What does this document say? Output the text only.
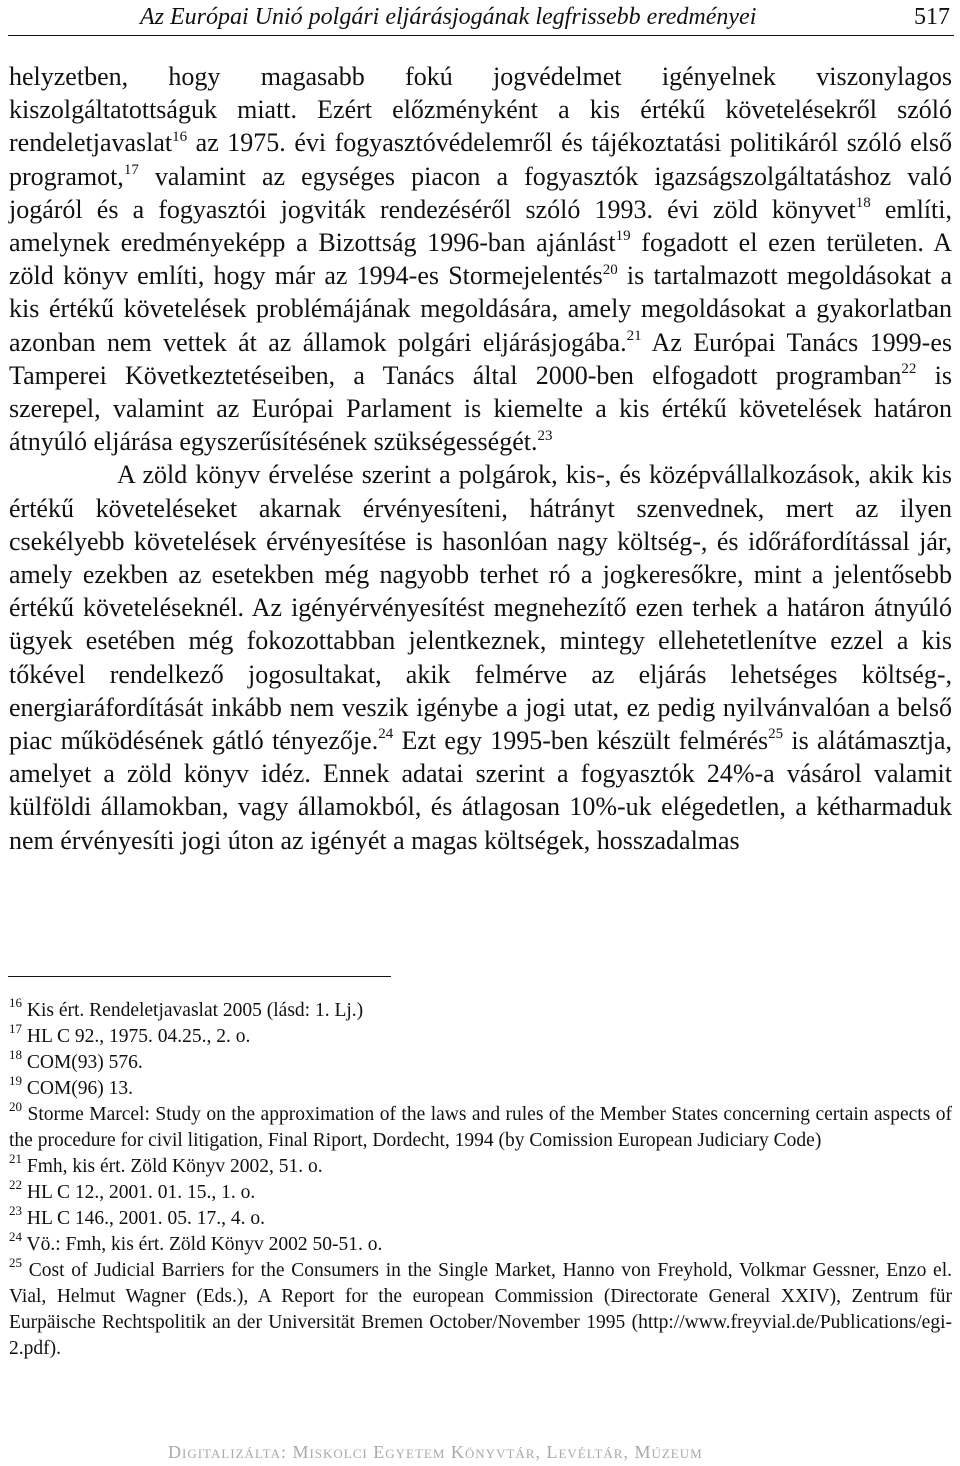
Az Európai Unió polgári eljárásjogának legfrissebb eredményei	517

helyzetben, hogy magasabb fokú jogvédelmet igényelnek viszonylagos kiszolgáltatottságuk miatt. Ezért előzményként a kis értékű követelésekről szóló rendeletjavaslat$^{16}$ az 1975. évi fogyasztóvédelemről és tájékoztatási politikáról szóló első programot,$^{17}$ valamint az egységes piacon a fogyasztók igazságszolgáltatáshoz való jogáról és a fogyasztói jogviták rendezéséről szóló 1993. évi zöld könyvet$^{18}$ említi, amelynek eredményeképp a Bizottság 1996-ban ajánlást$^{19}$ fogadott el ezen területen. A zöld könyv említi, hogy már az 1994-es Stormejelentés$^{20}$ is tartalmazott megoldásokat a kis értékű követelések problémájának megoldására, amely megoldásokat a gyakorlatban azonban nem vettek át az államok polgári eljárásjogába.$^{21}$ Az Európai Tanács 1999-es Tamperei Következtetéseiben, a Tanács által 2000-ben elfogadott programban$^{22}$ is szerepel, valamint az Európai Parlament is kiemelte a kis értékű követelések határon átnyúló eljárása egyszerűsítésének szükségességét.$^{23}$

A zöld könyv érvelése szerint a polgárok, kis-, és középvállalkozások, akik kis értékű követeléseket akarnak érvényesíteni, hátrányt szenvednek, mert az ilyen csekélyebb követelések érvényesítése is hasonlóan nagy költség-, és időráfordítással jár, amely ezekben az esetekben még nagyobb terhet ró a jogkeresőkre, mint a jelentősebb értékű követeléseknél. Az igényérvényesítést megnehezítő ezen terhek a határon átnyúló ügyek esetében még fokozottabban jelentkeznek, mintegy ellehetetlenítve ezzel a kis tőkével rendelkező jogosultakat, akik felmérve az eljárás lehetséges költség-, energiaráfordítását inkább nem veszik igénybe a jogi utat, ez pedig nyilvánvalóan a belső piac működésének gátló tényezője.$^{24}$ Ezt egy 1995-ben készült felmérés$^{25}$ is alátámasztja, amelyet a zöld könyv idéz. Ennek adatai szerint a fogyasztók 24%-a vásárol valamit külföldi államokban, vagy államokból, és átlagosan 10%-uk elégedetlen, a kétharmaduk nem érvényesíti jogi úton az igényét a magas költségek, hosszadalmas

$^{16}$ Kis ért. Rendeletjavaslat 2005 (lásd: 1. Lj.)

$^{17}$ HL C 92., 1975. 04.25., 2. o.

$^{18}$ COM(93) 576.

$^{19}$ COM(96) 13.

$^{20}$ Storme Marcel: Study on the approximation of the laws and rules of the Member States concerning certain aspects of the procedure for civil litigation, Final Riport, Dordecht, 1994 (by Comission European Judiciary Code)

$^{21}$ Fmh, kis ért. Zöld Könyv 2002, 51. o.

$^{22}$ HL C 12., 2001. 01. 15., 1. o.

$^{23}$ HL C 146., 2001. 05. 17., 4. o.

$^{24}$ Vö.: Fmh, kis ért. Zöld Könyv 2002 50-51. o.

$^{25}$ Cost of Judicial Barriers for the Consumers in the Single Market, Hanno von Freyhold, Volkmar Gessner, Enzo el. Vial, Helmut Wagner (Eds.), A Report for the european Commission (Directorate General XXIV), Zentrum für Eurpäische Rechtspolitik an der Universität Bremen October/November 1995 (http://www.freyvial.de/Publications/egi-2.pdf).

Digitalizálta: Miskolci Egyetem Könyvtár, Levéltár, Múzeum
